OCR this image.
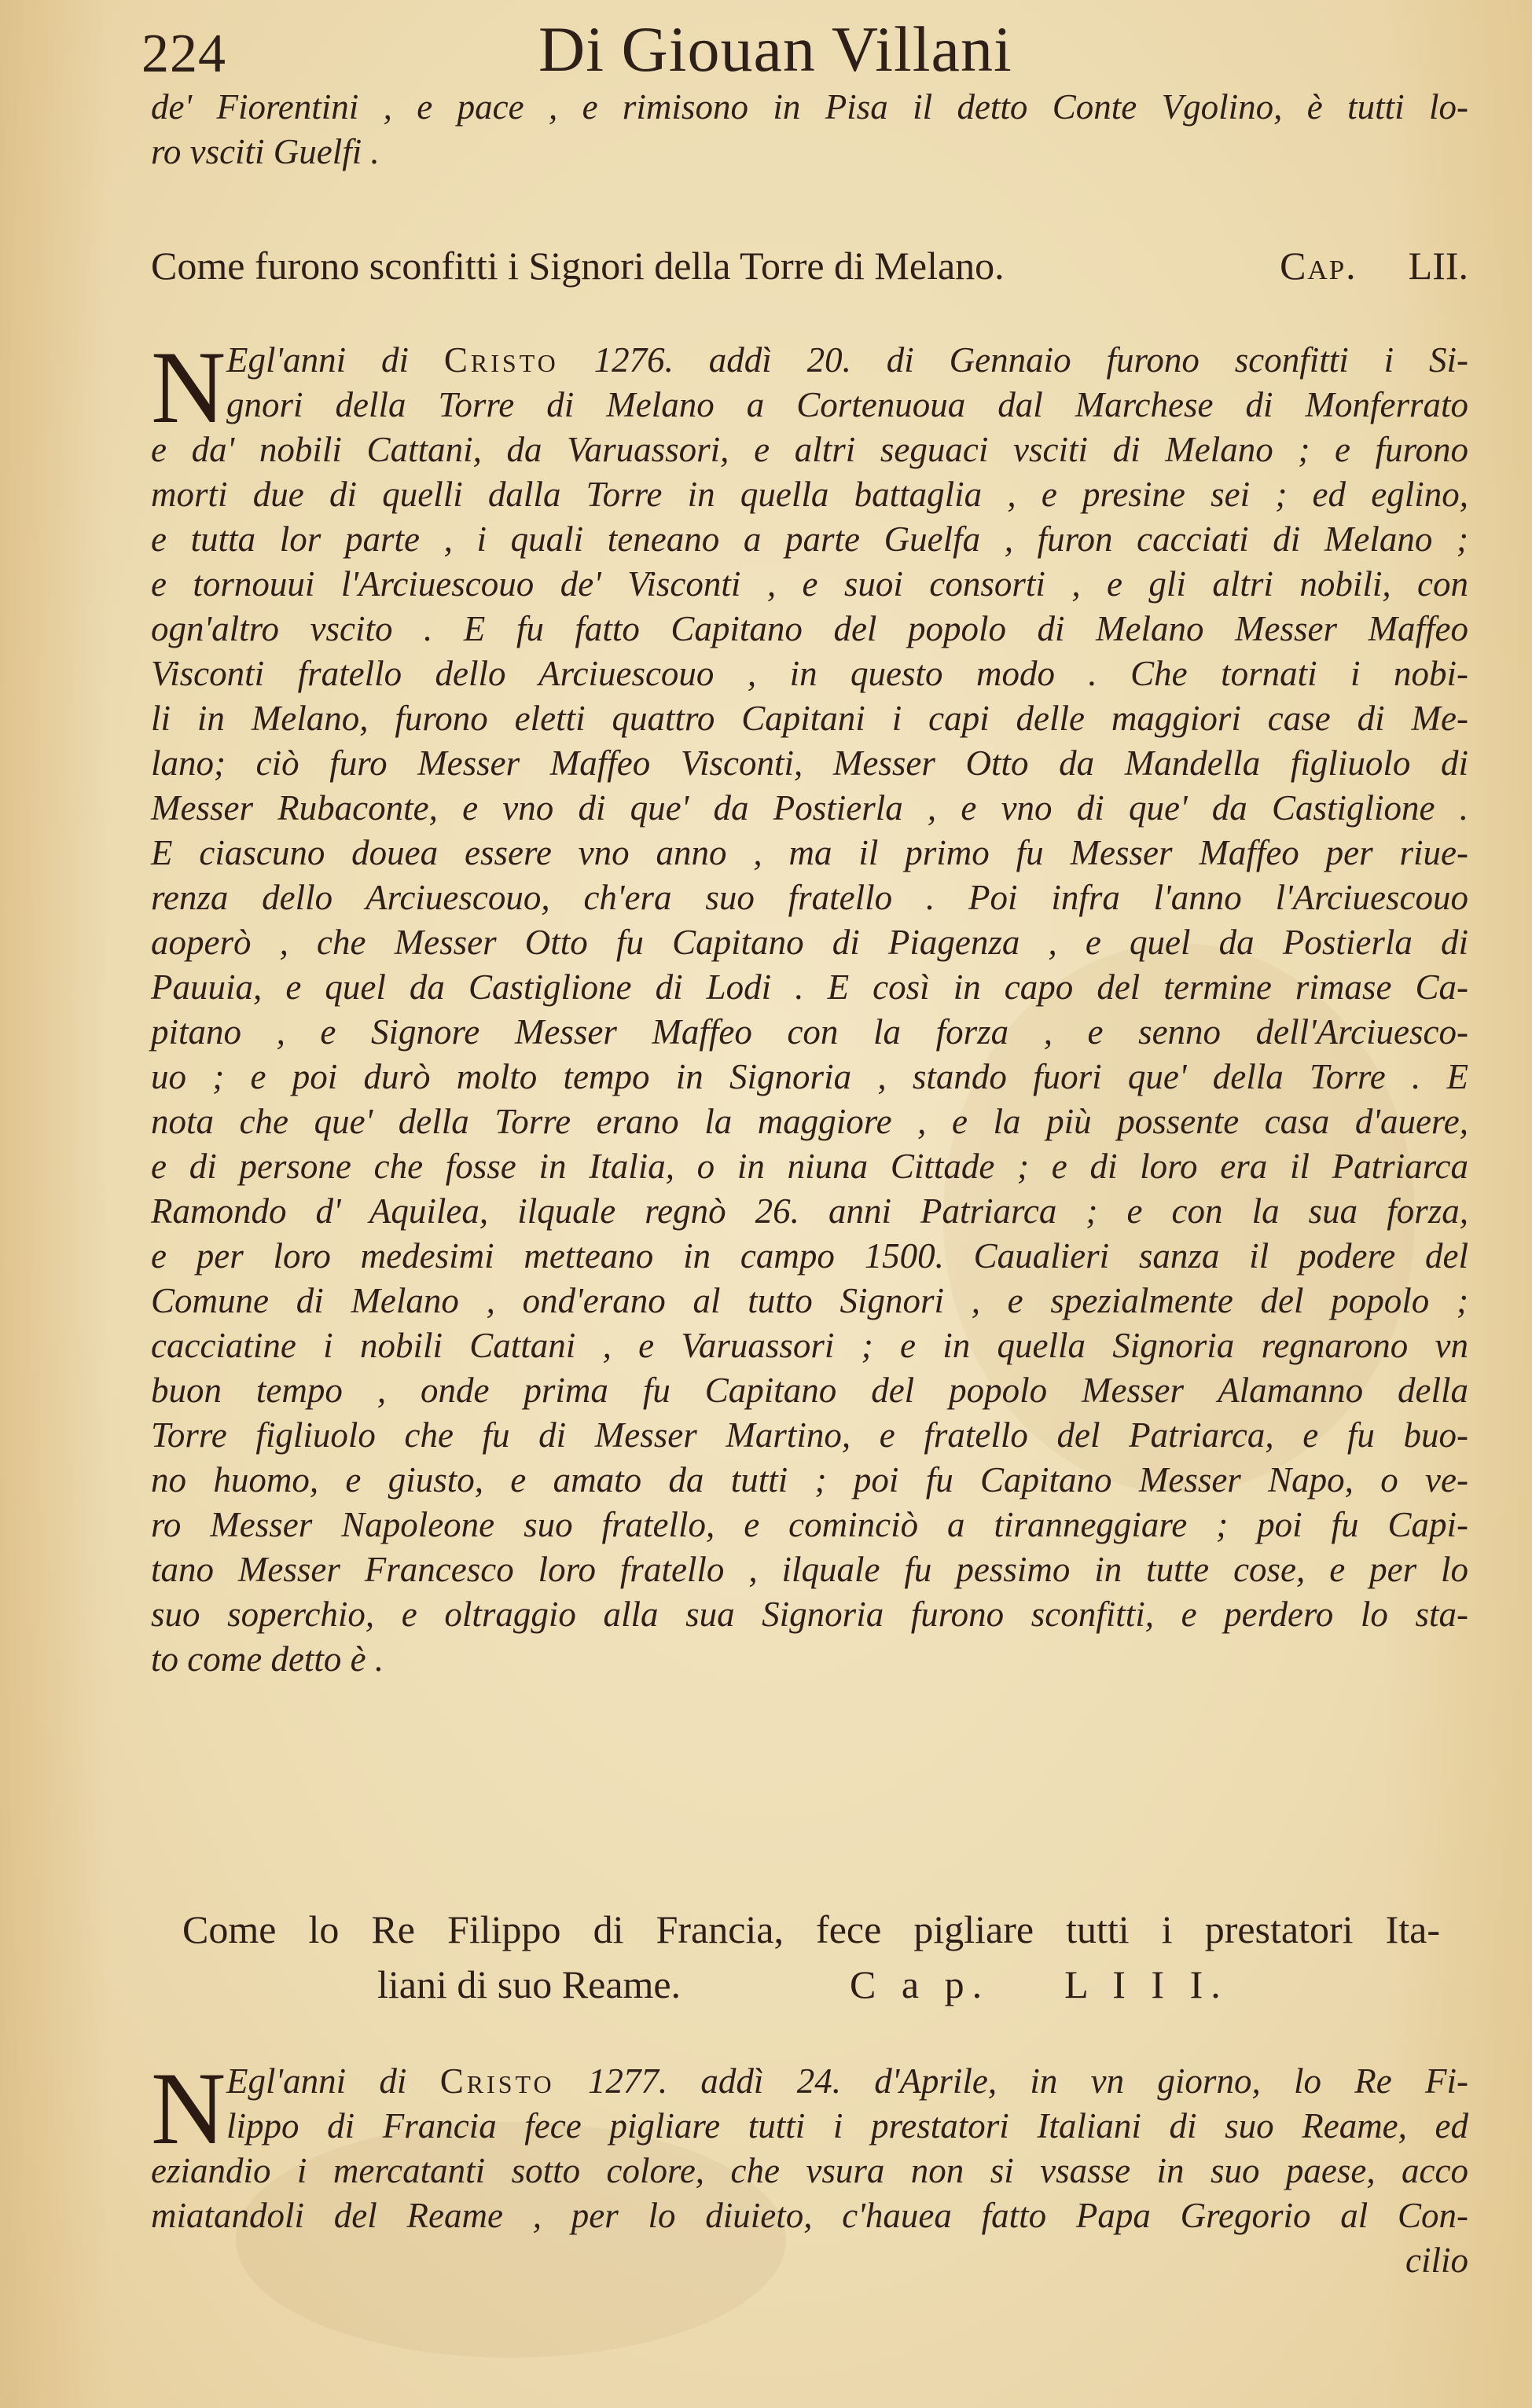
224	Di Giouan Villani
de' Fiorentini , e pace , e rimisono in Pisa il detto Conte Vgolino, è tutti lo-
ro vsciti Guelfi .
Come furono sconfitti i Signori della Torre di Melano.	Cap. LII.
N Egl'anni di Cristo 1276. addì 20. di Gennaio furono sconfitti i Si-
gnori della Torre di Melano a Cortenuoua dal Marchese di Monferrato
e da' nobili Cattani, da Varuassori, e altri seguaci vsciti di Melano ; e furono
morti due di quelli dalla Torre in quella battaglia , e presine sei ; ed eglino,
e tutta lor parte , i quali teneano a parte Guelfa , furon cacciati di Melano ;
e tornouui l'Arciuescouo de' Visconti , e suoi consorti , e gli altri nobili, con
ogn'altro vscito . E fu fatto Capitano del popolo di Melano Messer Maffeo
Visconti fratello dello Arciuescouo , in questo modo . Che tornati i nobi-
li in Melano, furono eletti quattro Capitani i capi delle maggiori case di Me-
lano; ciò furo Messer Maffeo Visconti, Messer Otto da Mandella figliuolo di
Messer Rubaconte, e vno di que' da Postierla , e vno di que' da Castiglione .
E ciascuno douea essere vno anno , ma il primo fu Messer Maffeo per riue-
renza dello Arciuescouo, ch'era suo fratello . Poi infra l'anno l'Arciuescouo
aoperò , che Messer Otto fu Capitano di Piagenza , e quel da Postierla di
Pauuia, e quel da Castiglione di Lodi . E così in capo del termine rimase Ca-
pitano , e Signore Messer Maffeo con la forza , e senno dell'Arciuesco-
uo ; e poi durò molto tempo in Signoria , stando fuori que' della Torre . E
nota che que' della Torre erano la maggiore , e la più possente casa d'auere,
e di persone che fosse in Italia, o in niuna Cittade ; e di loro era il Patriarca
Ramondo d' Aquilea, ilquale regnò 26. anni Patriarca ; e con la sua forza,
e per loro medesimi metteano in campo 1500. Caualieri sanza il podere del
Comune di Melano , ond'erano al tutto Signori , e spezialmente del popolo ;
cacciatine i nobili Cattani , e Varuassori ; e in quella Signoria regnarono vn
buon tempo , onde prima fu Capitano del popolo Messer Alamanno della
Torre figliuolo che fu di Messer Martino, e fratello del Patriarca, e fu buo-
no huomo, e giusto, e amato da tutti ; poi fu Capitano Messer Napo, o ve-
ro Messer Napoleone suo fratello, e cominciò a tiranneggiare ; poi fu Capi-
tano Messer Francesco loro fratello , ilquale fu pessimo in tutte cose, e per lo
suo soperchio, e oltraggio alla sua Signoria furono sconfitti, e perdero lo sta-
to come detto è .
Come lo Re Filippo di Francia, fece pigliare tutti i prestatori Ita-
liani di suo Reame.	C a p. L I I I.
N Egl'anni di Cristo 1277. addì 24. d'Aprile, in vn giorno, lo Re Fi-
lippo di Francia fece pigliare tutti i prestatori Italiani di suo Reame, ed
eziandio i mercatanti sotto colore, che vsura non si vsasse in suo paese, acco
miatandoli del Reame , per lo diuieto, c'hauea fatto Papa Gregorio al Con-
cilio
